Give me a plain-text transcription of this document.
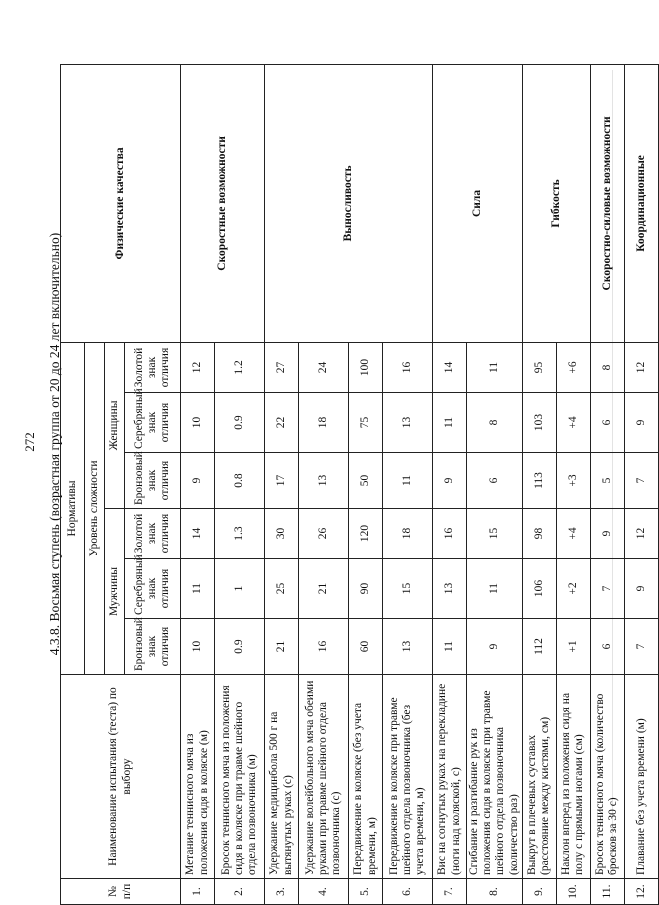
272 4.3.8. Восьмая ступень (возрастная группа от 20 до 24 лет включительно)
№ п/п	Наименование испытания (теста) по выбору	Нормативы						Физические качества
		Уровень сложности						
		Мужчины			Женщины			
		Бронзовый знак отличия	Серебряный знак отличия	Золотой знак отличия	Бронзовый знак отличия	Серебряный знак отличия	Золотой знак отличия	
1.	Метание теннисного мяча из положения сидя в коляске (м)	10	11	14	9	10	12	Скоростные возможности
2.	Бросок теннисного мяча из положения сидя в коляске при травме шейного отдела позвоночника (м)	0.9	1	1.3	0.8	0.9	1.2	
3.	Удержание медицинбола 500 г на вытянутых руках (с)	21	25	30	17	22	27	Выносливость
4.	Удержание волейбольного мяча обеими руками при травме шейного отдела позвоночника (с)	16	21	26	13	18	24	
5.	Передвижение в коляске (без учета времени, м)	60	90	120	50	75	100	
6.	Передвижение в коляске при травме шейного отдела позвоночника (без учета времени, м)	13	15	18	11	13	16	
7.	Вис на согнутых руках на перекладине (ноги над коляской, с)	11	13	16	9	11	14	Сила
8.	Сгибание и разгибание рук из положения сидя в коляске при травме шейного отдела позвоночника (количество раз)	9	11	15	6	8	11	
9.	Выкрут в плечевых суставах (расстояние между кистями, см)	112	106	98	113	103	95	Гибкость
10.	Наклон вперед из положения сидя на полу с прямыми ногами (см)	+1	+2	+4	+3	+4	+6	
11.	Бросок теннисного мяча (количество бросков за 30 с)	6	7	9	5	6	8	Скоростно-силовые возможности
12.	Плавание без учета времени (м)	7	9	12	7	9	12	Координационные
